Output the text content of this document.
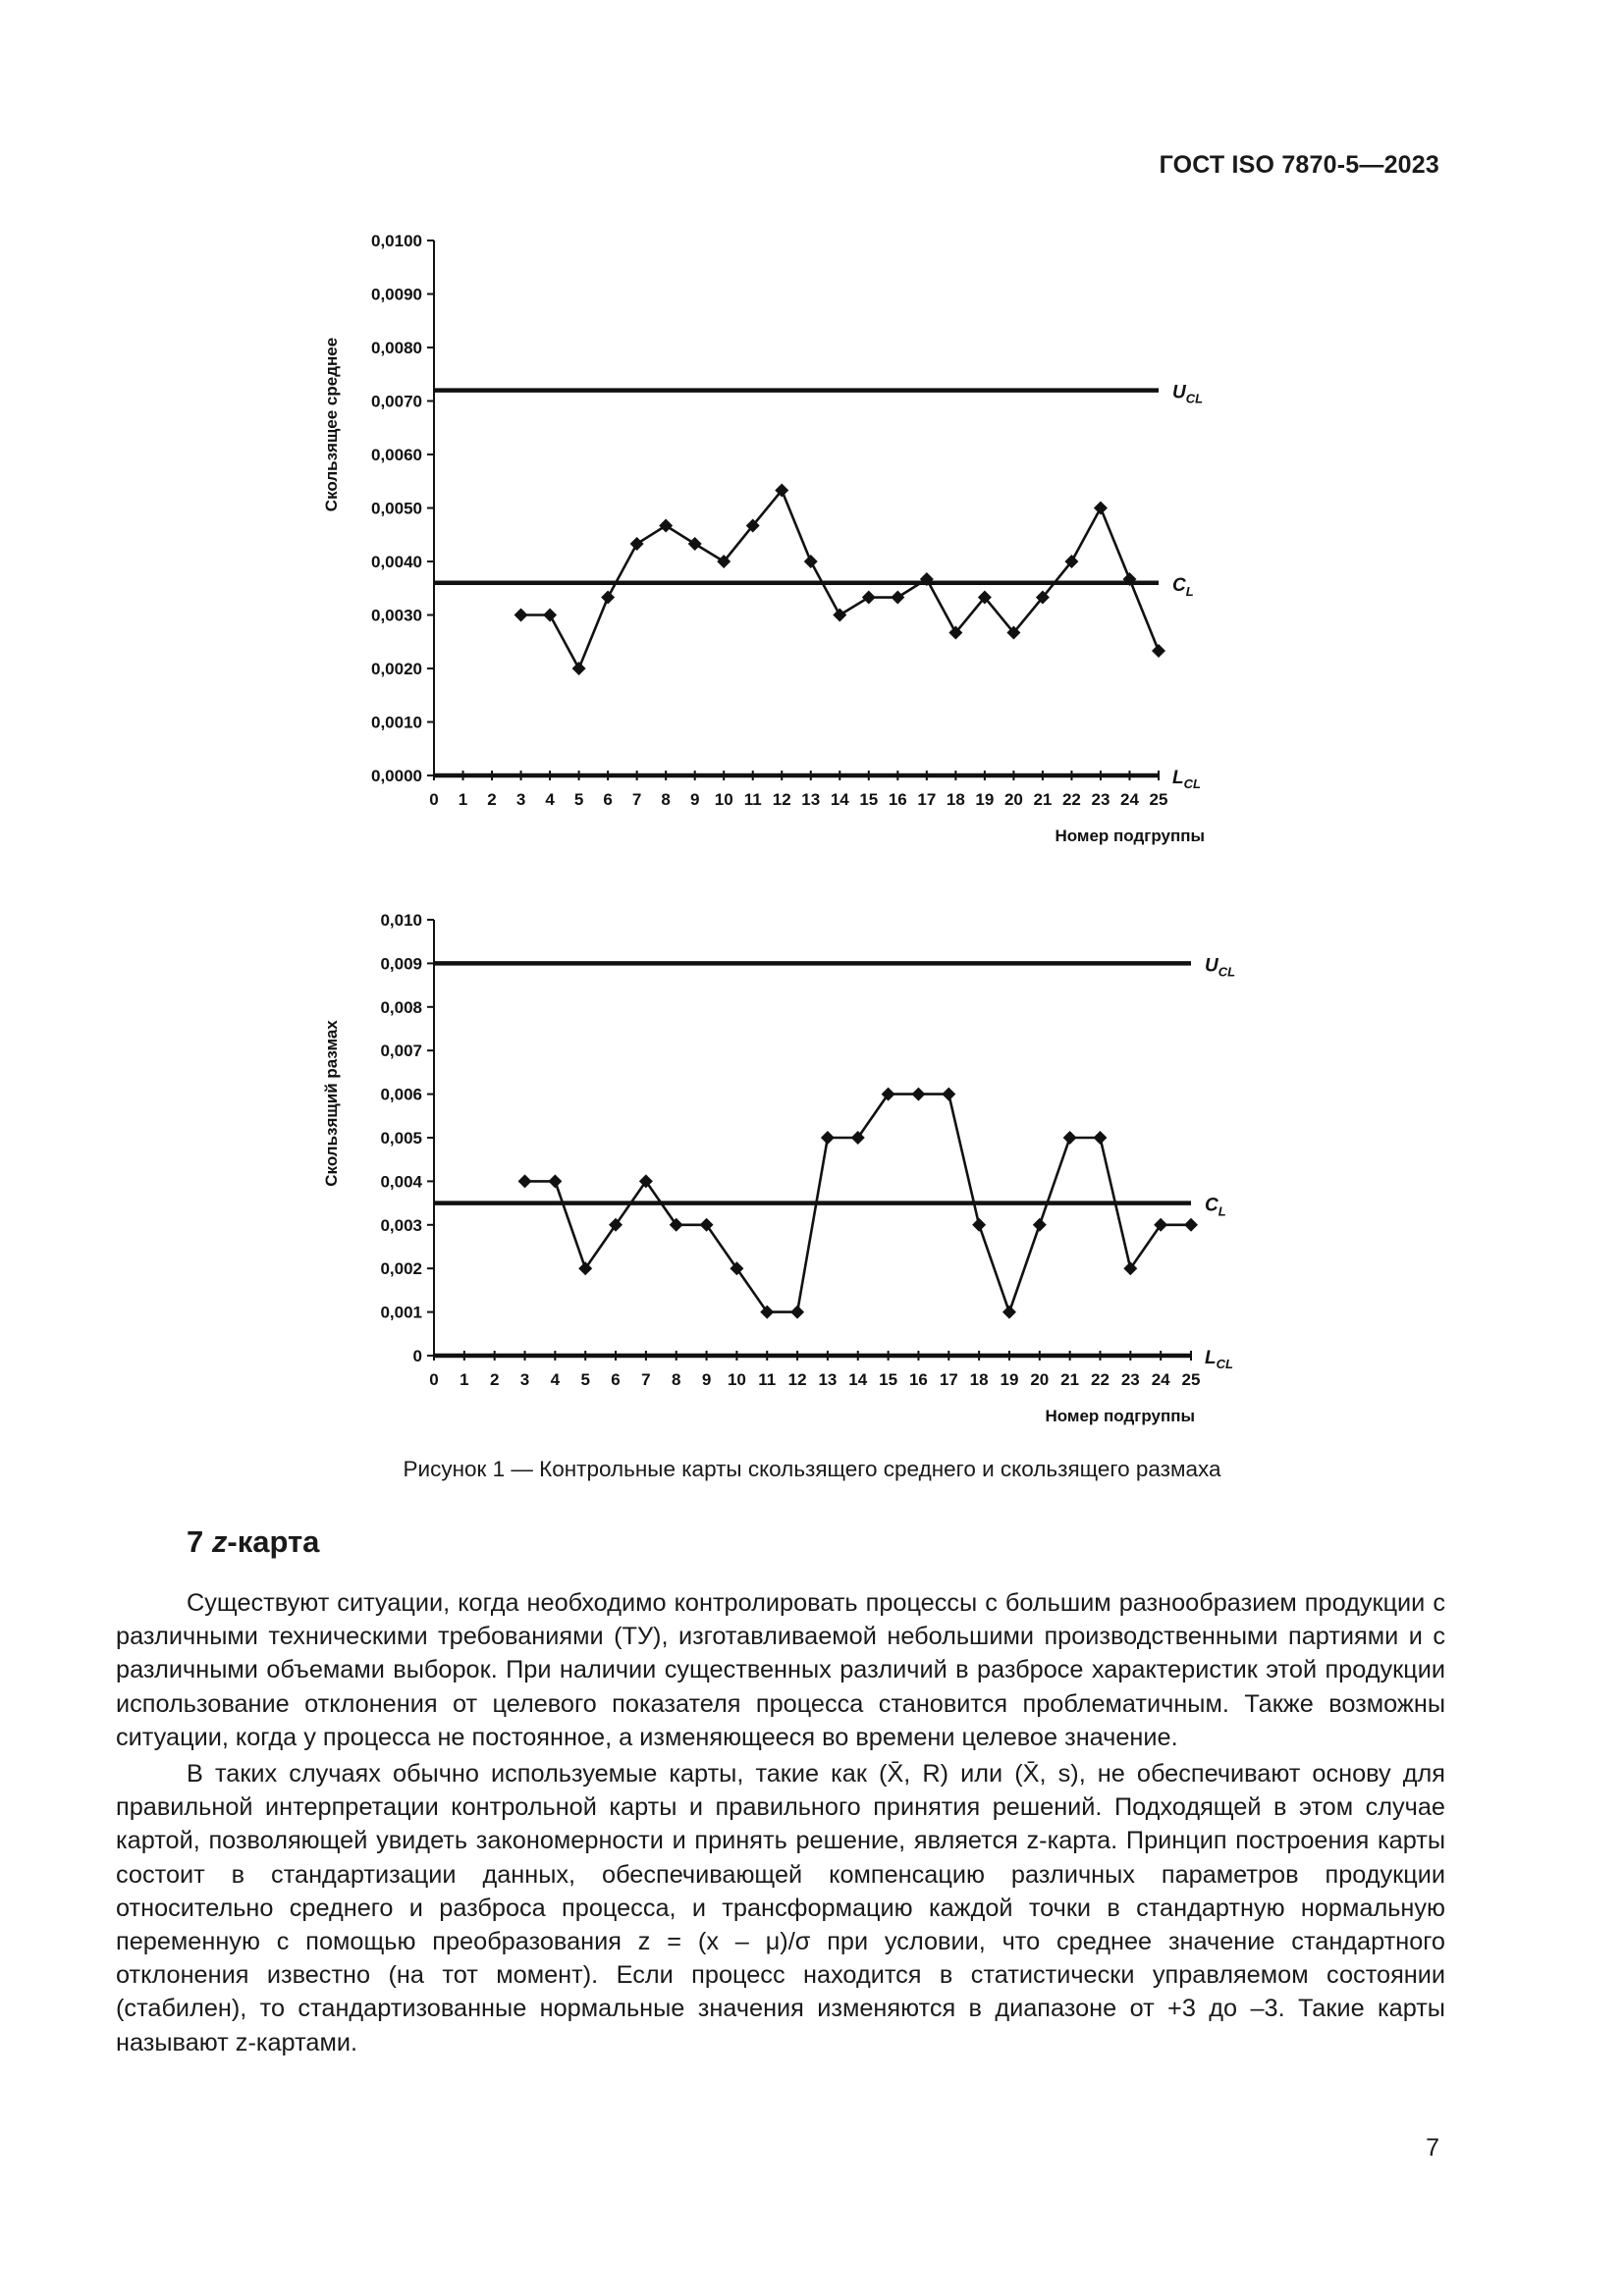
ГОСТ ISO 7870-5—2023
0,0000
0,0010
0,0020
0,0030
0,0040
0,0050
0,0060
0,0070
0,0080
0,0090
0,0100
0 1 2 3 4 5 6 7 8 9 10 11 12 13 14 15 16 17 18 19 20 21 22 23 24 25
Скользящее среднее
Номер подгруппы
$U_{CL}$
$C_L$
$L_{CL}$
0
0,001
0,002
0,003
0,004
0,005
0,006
0,007
0,008
0,009
0,010
0 1 2 3 4 5 6 7 8 9 10 11 12 13 14 15 16 17 18 19 20 21 22 23 24 25
Скользящий размах
Номер подгруппы
$U_{CL}$
$C_L$
$L_{CL}$
Рисунок 1 — Контрольные карты скользящего среднего и скользящего размаха
7 z-карта

Существуют ситуации, когда необходимо контролировать процессы с большим разнообразием продукции с различными техническими требованиями (ТУ), изготавливаемой небольшими производственными партиями и с различными объемами выборок. При наличии существенных различий в разбросе характеристик этой продукции использование отклонения от целевого показателя процесса становится проблематичным. Также возможны ситуации, когда у процесса не постоянное, а изменяющееся во времени целевое значение.

В таких случаях обычно используемые карты, такие как (X̄, R) или (X̄, s), не обеспечивают основу для правильной интерпретации контрольной карты и правильного принятия решений. Подходящей в этом случае картой, позволяющей увидеть закономерности и принять решение, является z-карта. Принцип построения карты состоит в стандартизации данных, обеспечивающей компенсацию различных параметров продукции относительно среднего и разброса процесса, и трансформацию каждой точки в стандартную нормальную переменную с помощью преобразования z = (x – μ)/σ при условии, что среднее значение стандартного отклонения известно (на тот момент). Если процесс находится в статистически управляемом состоянии (стабилен), то стандартизованные нормальные значения изменяются в диапазоне от +3 до –3. Такие карты называют z-картами.

7
